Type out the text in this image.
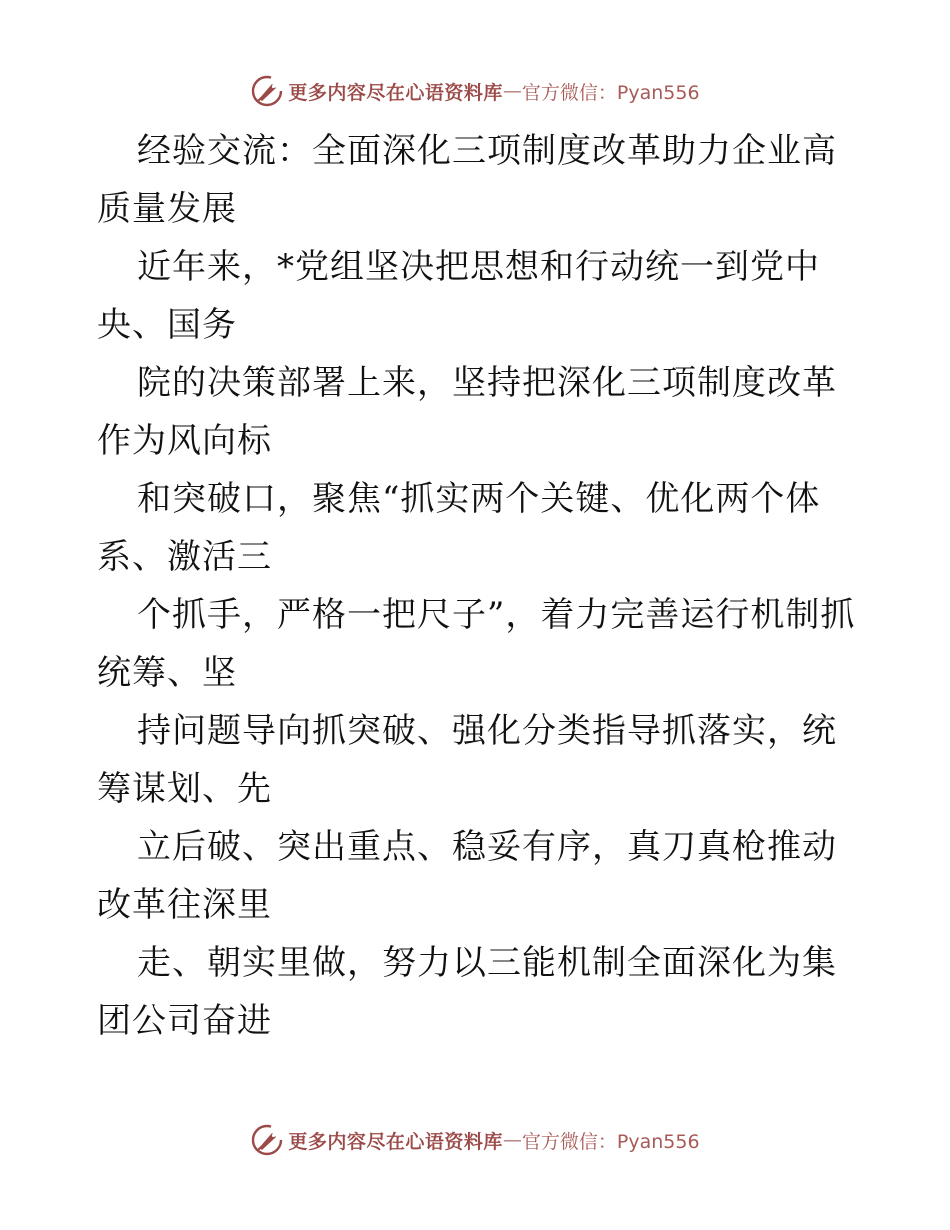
更多内容尽在心语资料库 — 官方微信：Pyan556

经验交流：全面深化三项制度改革助力企业高质量发展

近年来，*党组坚决把思想和行动统一到党中央、国务

院的决策部署上来，坚持把深化三项制度改革作为风向标

和突破口，聚焦“抓实两个关键、优化两个体系、激活三

个抓手，严格一把尺子”，着力完善运行机制抓统筹、坚

持问题导向抓突破、强化分类指导抓落实，统筹谋划、先

立后破、突出重点、稳妥有序，真刀真枪推动改革往深里

走、朝实里做，努力以三能机制全面深化为集团公司奋进

更多内容尽在心语资料库 — 官方微信：Pyan556
